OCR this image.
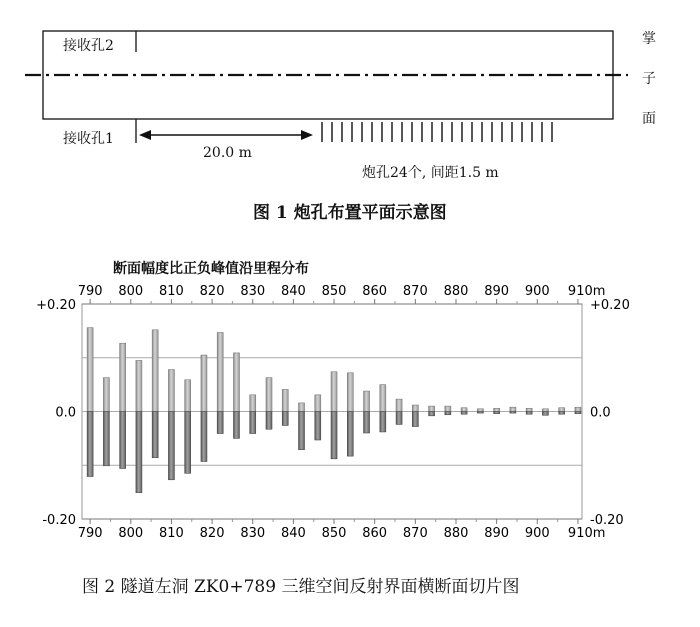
接收孔2
接收孔1
掌
子
面
20.0 m
炮孔24个, 间距1.5 m
图 1 炮孔布置平面示意图
断面幅度比正负峰值沿里程分布
790
790
800
800
810
810
820
820
830
830
840
840
850
850
860
860
870
870
880
880
890
890
900
900
910m
910m
+0.20	+0.20
0.0	0.0
-0.20	-0.20
图 2 隧道左洞 ZK0+789 三维空间反射界面横断面切片图
